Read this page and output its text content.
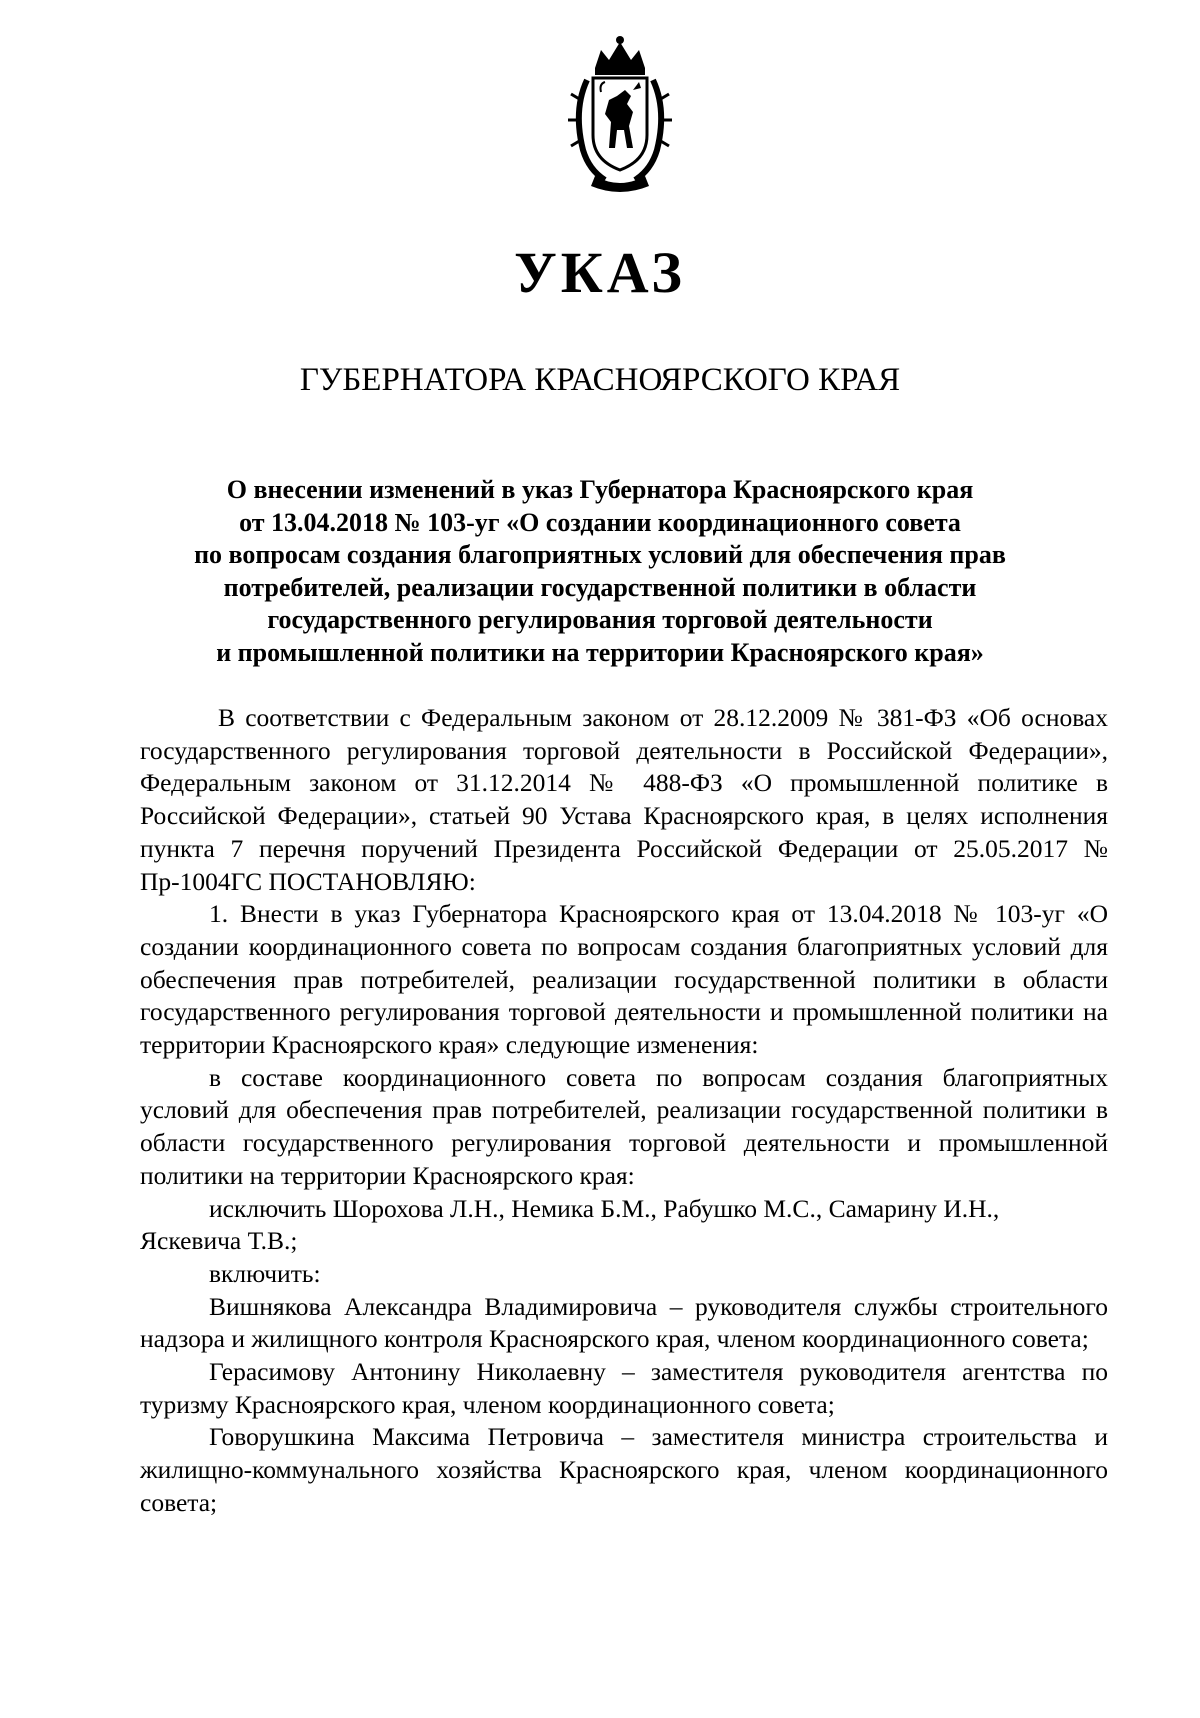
УКАЗ
ГУБЕРНАТОРА КРАСНОЯРСКОГО КРАЯ
О внесении изменений в указ Губернатора Красноярского края
от 13.04.2018 № 103-уг «О создании координационного совета
по вопросам создания благоприятных условий для обеспечения прав
потребителей, реализации государственной политики в области
государственного регулирования торговой деятельности
и промышленной политики на территории Красноярского края»

В соответствии с Федеральным законом от 28.12.2009 № 381-ФЗ «Об основах государственного регулирования торговой деятельности в Российской Федерации», Федеральным законом от 31.12.2014 № 488-ФЗ «О промышленной политике в Российской Федерации», статьей 90 Устава Красноярского края, в целях исполнения пункта 7 перечня поручений Президента Российской Федерации от 25.05.2017 № Пр-1004ГС ПОСТАНОВЛЯЮ:

1. Внести в указ Губернатора Красноярского края от 13.04.2018 № 103-уг «О создании координационного совета по вопросам создания благоприятных условий для обеспечения прав потребителей, реализации государственной политики в области государственного регулирования торговой деятельности и промышленной политики на территории Красноярского края» следующие изменения:

в составе координационного совета по вопросам создания благоприятных условий для обеспечения прав потребителей, реализации государственной политики в области государственного регулирования торговой деятельности и промышленной политики на территории Красноярского края:

исключить Шорохова Л.Н., Немика Б.М., Рабушко М.С., Самарину И.Н.,

Яскевича Т.В.;

включить:

Вишнякова Александра Владимировича – руководителя службы строительного надзора и жилищного контроля Красноярского края, членом координационного совета;

Герасимову Антонину Николаевну – заместителя руководителя агентства по туризму Красноярского края, членом координационного совета;

Говорушкина Максима Петровича – заместителя министра строительства и жилищно-коммунального хозяйства Красноярского края, членом координационного совета;
